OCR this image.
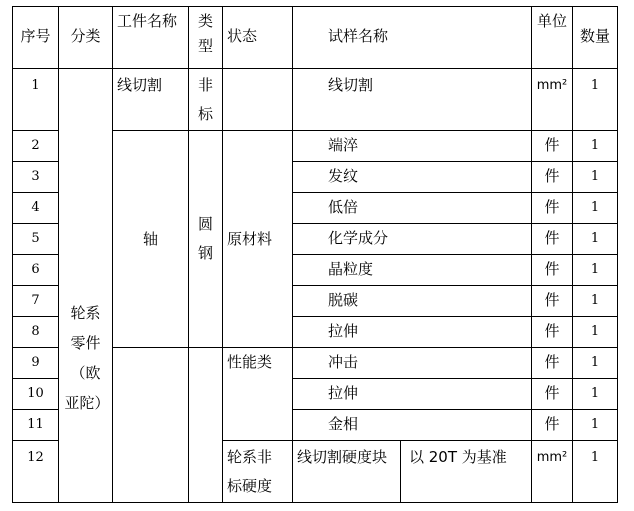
序号	分类	工件名称	类型	状态	试样名称		单位	数量
1	轮系零件（欧亚陀）	线切割	非标		线切割		mm²	1
2		轴	圆钢	原材料	端淬		件	1
3					发纹		件	1
4					低倍		件	1
5					化学成分		件	1
6					晶粒度		件	1
7					脱碳		件	1
8					拉伸		件	1
9				性能类	冲击		件	1
10					拉伸		件	1
11					金相		件	1
12				轮系非标硬度	线切割硬度块	以 20T 为基准	mm²	1
